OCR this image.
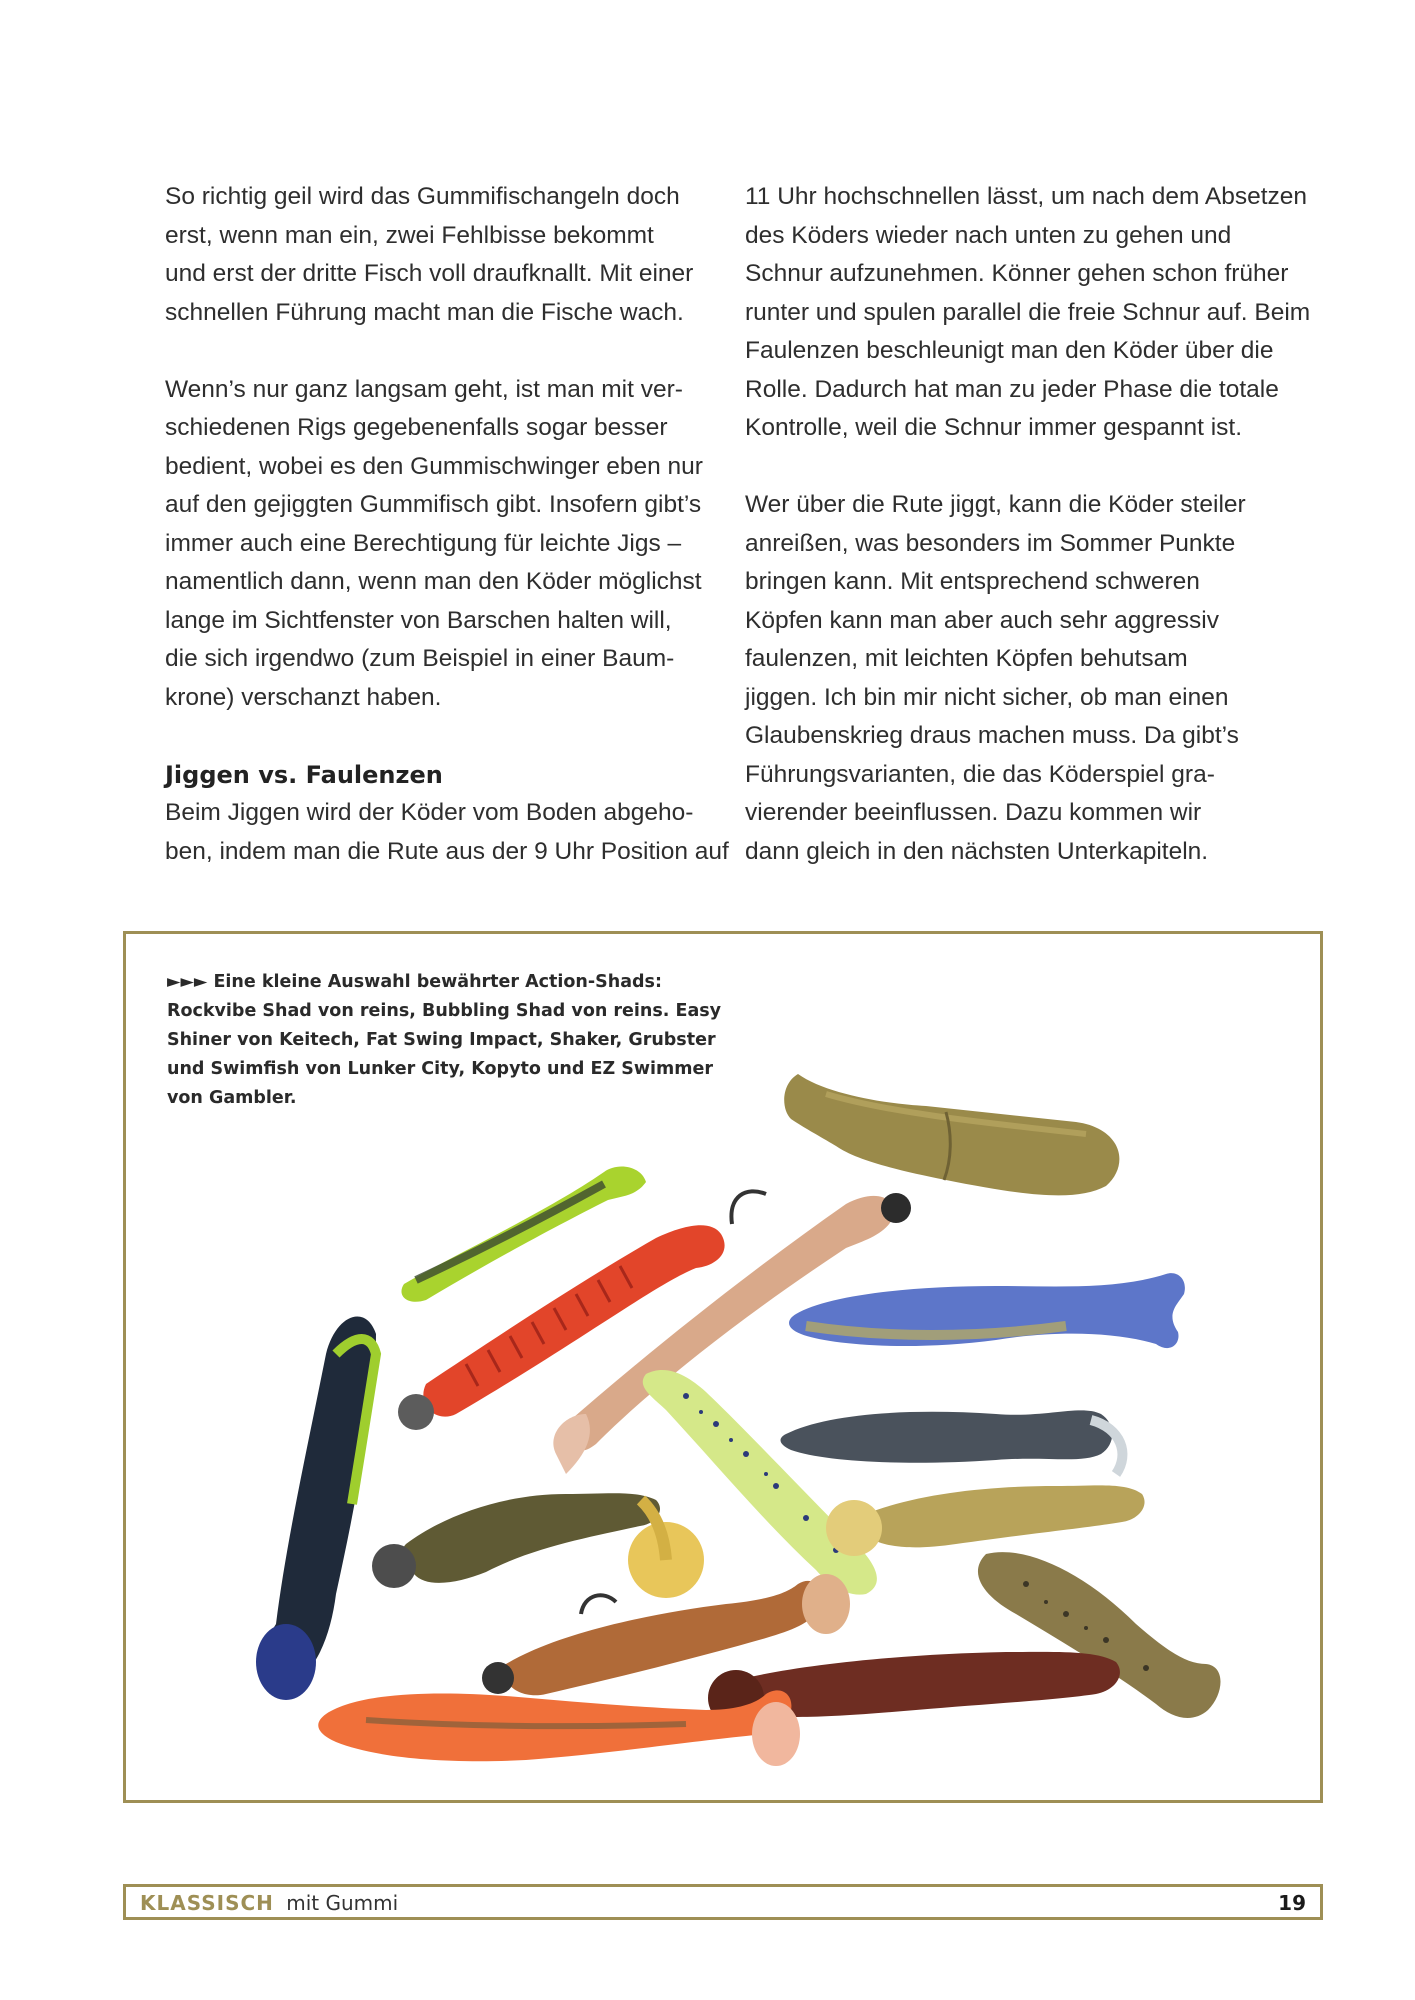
So richtig geil wird das Gummifischangeln doch
erst, wenn man ein, zwei Fehlbisse bekommt
und erst der dritte Fisch voll draufknallt. Mit einer
schnellen Führung macht man die Fische wach.

Wenn’s nur ganz langsam geht, ist man mit ver-
schiedenen Rigs gegebenenfalls sogar besser
bedient, wobei es den Gummischwinger eben nur
auf den gejiggten Gummifisch gibt. Insofern gibt’s
immer auch eine Berechtigung für leichte Jigs –
namentlich dann, wenn man den Köder möglichst
lange im Sichtfenster von Barschen halten will,
die sich irgendwo (zum Beispiel in einer Baum-
krone) verschanzt haben.

Jiggen vs. Faulenzen

Beim Jiggen wird der Köder vom Boden abgeho-
ben, indem man die Rute aus der 9 Uhr Position auf

11 Uhr hochschnellen lässt, um nach dem Absetzen
des Köders wieder nach unten zu gehen und
Schnur aufzunehmen. Könner gehen schon früher
runter und spulen parallel die freie Schnur auf. Beim
Faulenzen beschleunigt man den Köder über die
Rolle. Dadurch hat man zu jeder Phase die totale
Kontrolle, weil die Schnur immer gespannt ist.

Wer über die Rute jiggt, kann die Köder steiler
anreißen, was besonders im Sommer Punkte
bringen kann. Mit entsprechend schweren
Köpfen kann man aber auch sehr aggressiv
faulenzen, mit leichten Köpfen behutsam
jiggen. Ich bin mir nicht sicher, ob man einen
Glaubenskrieg draus machen muss. Da gibt’s
Führungsvarianten, die das Köderspiel gra-
vierender beeinflussen. Dazu kommen wir
dann gleich in den nächsten Unterkapiteln.

►►► Eine kleine Auswahl bewährter Action-Shads:
Rockvibe Shad von reins, Bubbling Shad von reins. Easy
Shiner von Keitech, Fat Swing Impact, Shaker, Grubster
und Swimfish von Lunker City, Kopyto und EZ Swimmer
von Gambler.
KLASSISCH mit Gummi	19
